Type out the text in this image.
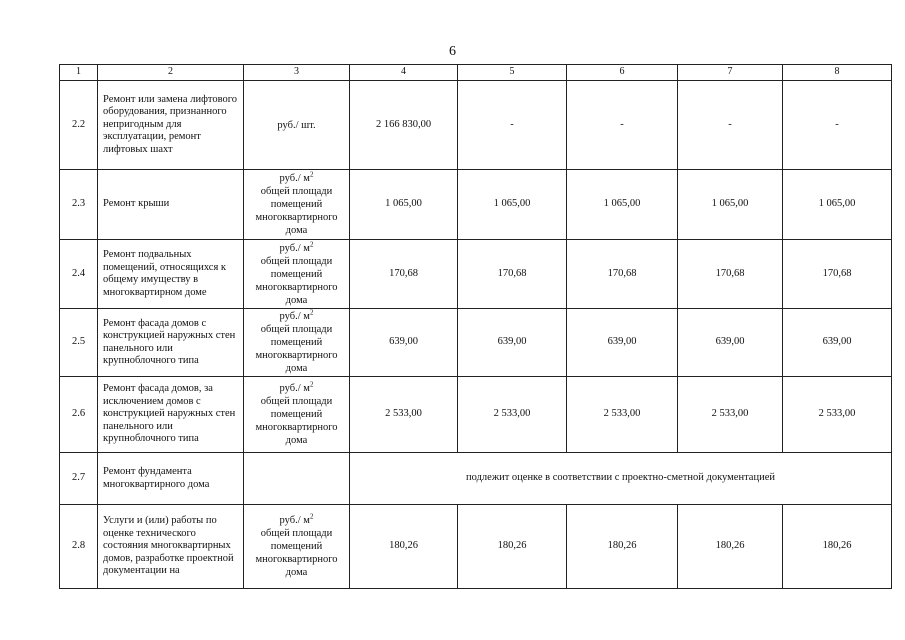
6
1	2	3	4	5	6	7	8
2.2	Ремонт или замена лифтового оборудования, признанного непригодным для эксплуатации, ремонт лифтовых шахт	руб./ шт.	2 166 830,00	-	-	-	-
2.3	Ремонт крыши	руб./ $м^2$
общей площади
помещений
многоквартирного
дома	1 065,00	1 065,00	1 065,00	1 065,00	1 065,00
2.4	Ремонт подвальных помещений, относящихся к общему имуществу в многоквартирном доме	руб./ $м^2$
общей площади
помещений
многоквартирного
дома	170,68	170,68	170,68	170,68	170,68
2.5	Ремонт фасада домов с конструкцией наружных стен панельного или крупноблочного типа	руб./ $м^2$
общей площади
помещений
многоквартирного
дома	639,00	639,00	639,00	639,00	639,00
2.6	Ремонт фасада домов, за исключением домов с конструкцией наружных стен панельного или крупноблочного типа	руб./ $м^2$
общей площади
помещений
многоквартирного
дома	2 533,00	2 533,00	2 533,00	2 533,00	2 533,00
2.7	Ремонт фундамента многоквартирного дома		подлежит оценке в соответствии с проектно-сметной документацией				
2.8	Услуги и (или) работы по оценке технического состояния многоквартирных домов, разработке проектной документации на	руб./ $м^2$
общей площади
помещений
многоквартирного
дома	180,26	180,26	180,26	180,26	180,26
